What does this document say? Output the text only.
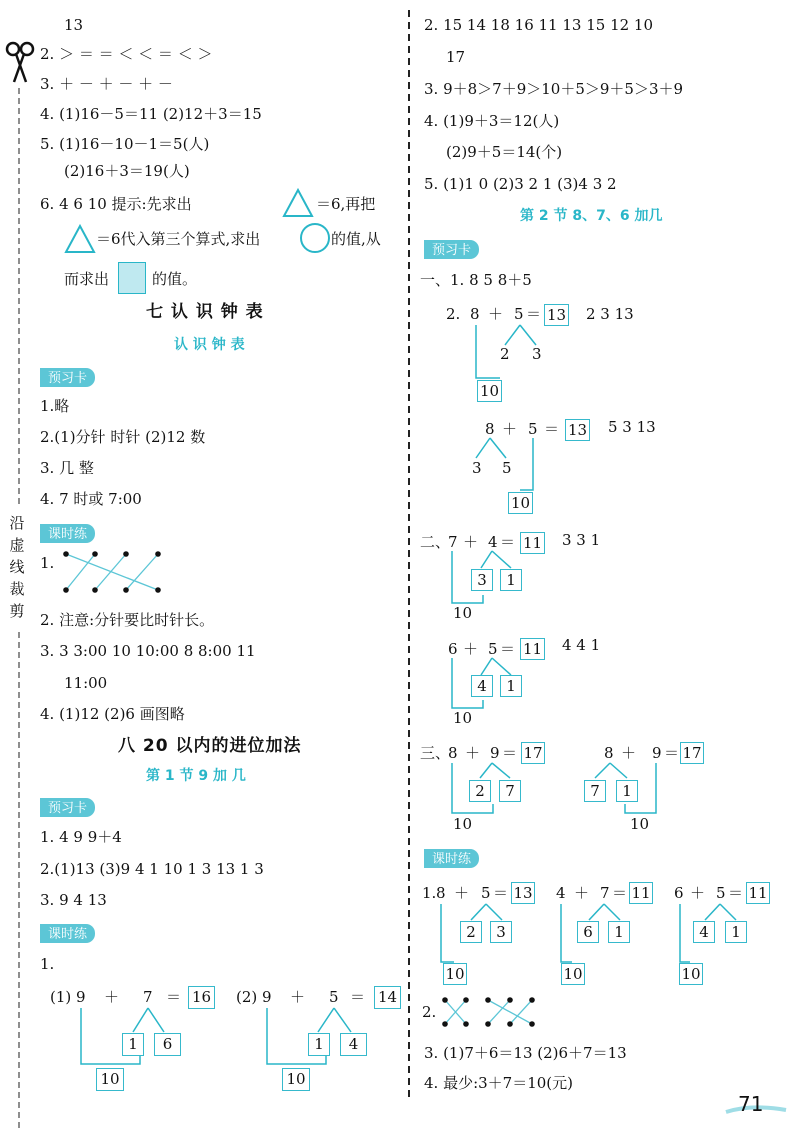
沿
虚
线
裁
剪
13
2. ＞ ＝ ＝ ＜ ＜ ＝ ＜ ＞
3. ＋ － ＋ － ＋ －
4. (1)16－5＝11 (2)12＋3＝15
5. (1)16－10－1＝5(人)
(2)16＋3＝19(人)
6. 4 6 10 提示:先求出	＝6,再把
＝6代入第三个算式,求出	的值,从
而求出	的值。
七 认 识 钟 表
认 识 钟 表
预习卡
1.略
2.(1)分针 时针 (2)12 数
3. 几 整
4. 7 时或 7:00
课时练
1.
2. 注意:分针要比时针长。
3. 3 3:00 10 10:00 8 8:00 11
11:00
4. (1)12 (2)6 画图略
八 20 以内的进位加法
第 1 节 9 加 几
预习卡
1. 4 9 9＋4
2.(1)13 (3)9 4 1 10 1 3 13 1 3
3. 9 4 13
课时练
1.
(1) 9 ＋ 7 ＝ 16
1	6
10
(2) 9 ＋ 5 ＝ 14
1	4
10
2. 15 14 18 16 11 13 15 12 10
17
3. 9＋8＞7＋9＞10＋5＞9＋5＞3＋9
4. (1)9＋3＝12(人)
(2)9＋5＝14(个)
5. (1)1 0 (2)3 2 1 (3)4 3 2
第 2 节 8、7、6 加几
预习卡
一、1. 8 5 8＋5
2. 8 ＋ 5 ＝ 13 2 3 13
2 3
10
8 ＋ 5 ＝ 13 5 3 13
3 5
10
二、
7 ＋ 4 ＝ 11 3 3 1
3	1
10
6 ＋ 5 ＝ 11 4 4 1
4	1
10
三、
8 ＋ 9 ＝ 17
2	7
10
8 ＋ 9 ＝ 17
7	1
10
课时练
1. 8 ＋ 5 ＝ 13
2	3
10
4 ＋ 7 ＝ 11
6	1
10
6 ＋ 5 ＝ 11
4	1
10
2.
3. (1)7＋6＝13 (2)6＋7＝13
4. 最少:3＋7＝10(元)
71
